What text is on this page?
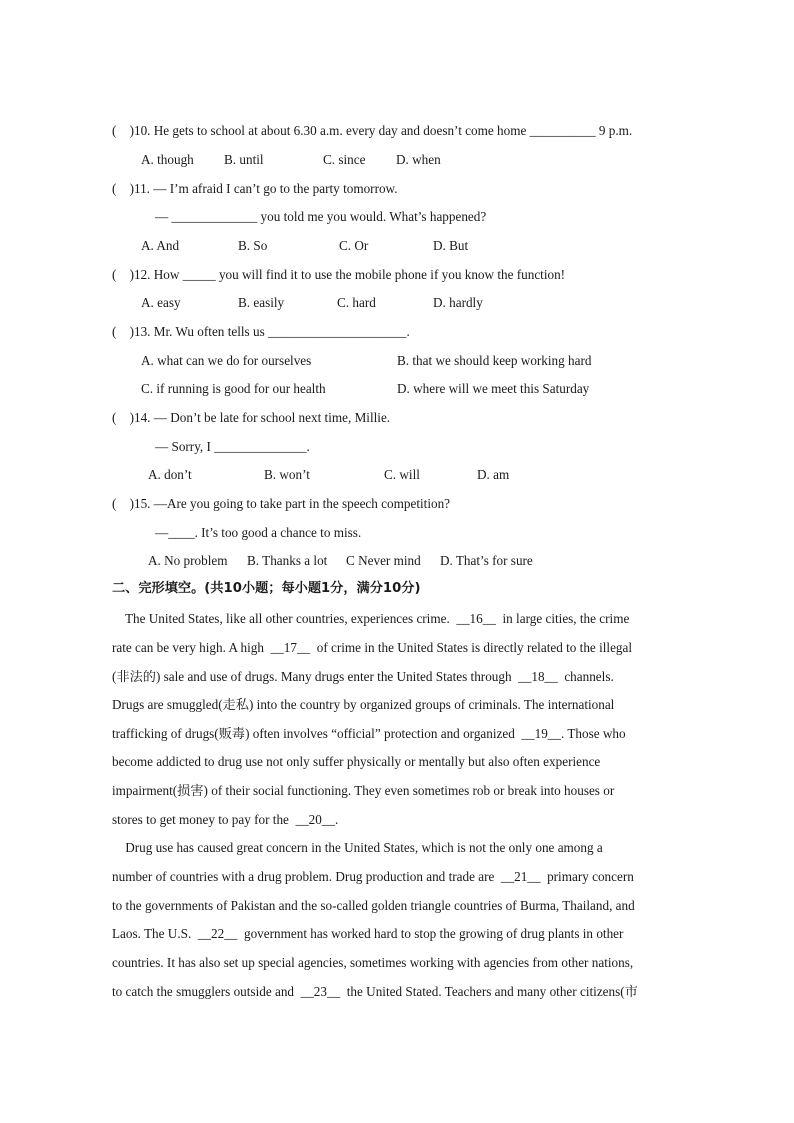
(    )10. He gets to school at about 6.30 a.m. every day and doesn’t come home __________ 9 p.m.
A. though B. until	C. since D. when
(    )11. — I’m afraid I can’t go to the party tomorrow.
— _____________ you told me you would. What’s happened?
A. And	B. So	C. Or	D. But
(    )12. How _____ you will find it to use the mobile phone if you know the function!
A. easy	B. easily	C. hard	D. hardly
(    )13. Mr. Wu often tells us _____________________.
A. what can we do for ourselves	B. that we should keep working hard
C. if running is good for our health	D. where will we meet this Saturday
(    )14. — Don’t be late for school next time, Millie.
— Sorry, I ______________.
A. don’t	B. won’t	C. will	D. am
(    )15. —Are you going to take part in the speech competition?
—____. It’s too good a chance to miss.
A. No problem B. Thanks a lot C Never mind D. That’s for sure
二、完形填空。(共10小题；每小题1分，满分10分)
The United States, like all other countries, experiences crime.  __16__  in large cities, the crime
rate can be very high. A high  __17__  of crime in the United States is directly related to the illegal
(非法的) sale and use of drugs. Many drugs enter the United States through  __18__  channels.
Drugs are smuggled(走私) into the country by organized groups of criminals. The international
trafficking of drugs(贩毒) often involves “official” protection and organized  __19__. Those who
become addicted to drug use not only suffer physically or mentally but also often experience
impairment(损害) of their social functioning. They even sometimes rob or break into houses or
stores to get money to pay for the  __20__.
Drug use has caused great concern in the United States, which is not the only one among a
number of countries with a drug problem. Drug production and trade are  __21__  primary concern
to the governments of Pakistan and the so-called golden triangle countries of Burma, Thailand, and
Laos. The U.S.  __22__  government has worked hard to stop the growing of drug plants in other
countries. It has also set up special agencies, sometimes working with agencies from other nations,
to catch the smugglers outside and  __23__  the United Stated. Teachers and many other citizens(市
